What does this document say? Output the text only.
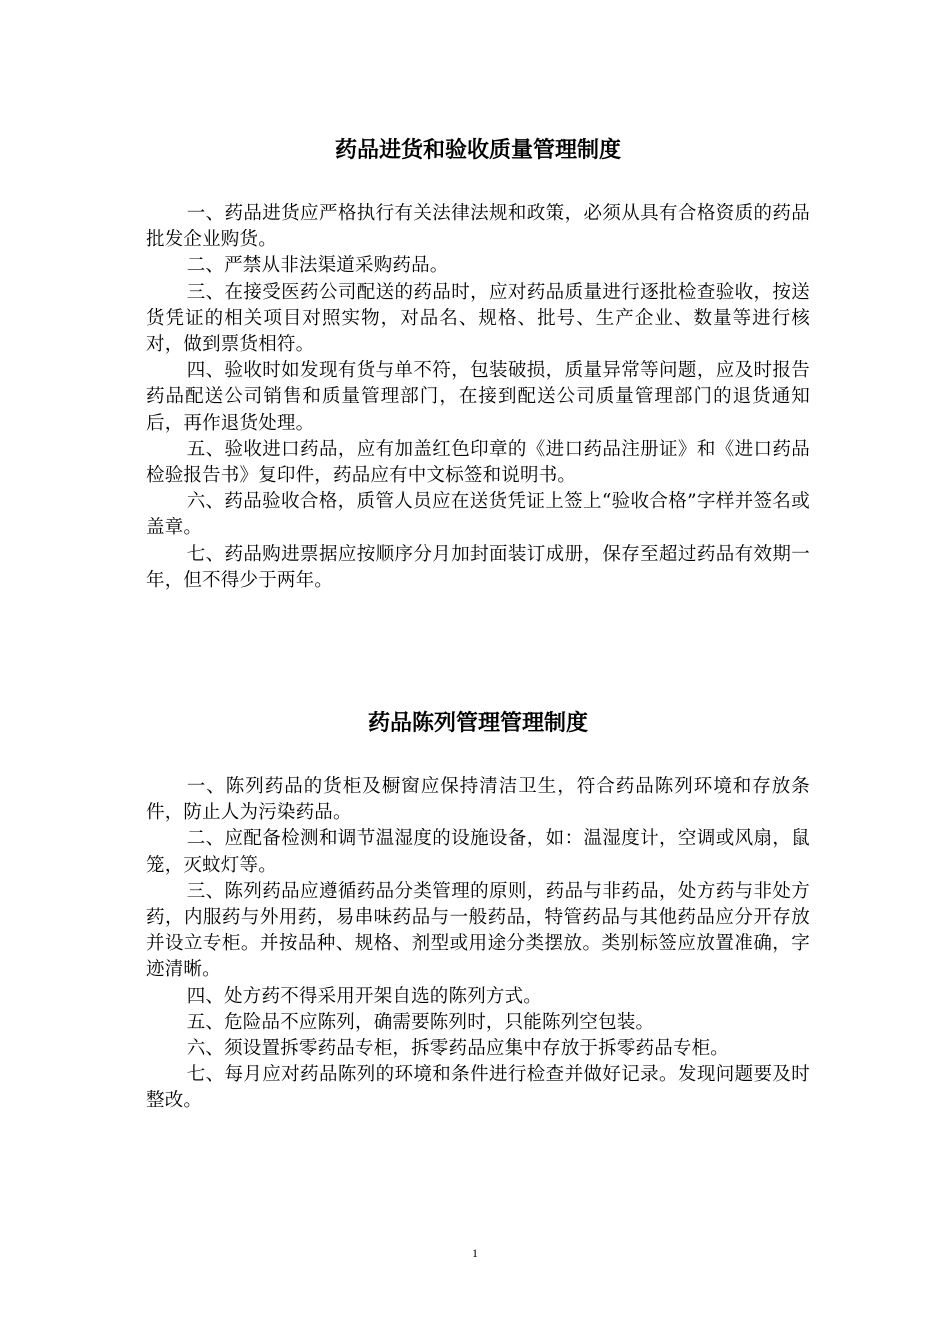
药品进货和验收质量管理制度

一、药品进货应严格执行有关法律法规和政策，必须从具有合格资质的药品批发企业购货。

二、严禁从非法渠道采购药品。

三、在接受医药公司配送的药品时，应对药品质量进行逐批检查验收，按送货凭证的相关项目对照实物，对品名、规格、批号、生产企业、数量等进行核对，做到票货相符。

四、验收时如发现有货与单不符，包装破损，质量异常等问题，应及时报告药品配送公司销售和质量管理部门，在接到配送公司质量管理部门的退货通知后，再作退货处理。

五、验收进口药品，应有加盖红色印章的《进口药品注册证》和《进口药品检验报告书》复印件，药品应有中文标签和说明书。

六、药品验收合格，质管人员应在送货凭证上签上“验收合格”字样并签名或盖章。

七、药品购进票据应按顺序分月加封面装订成册，保存至超过药品有效期一年，但不得少于两年。

药品陈列管理管理制度

一、陈列药品的货柜及橱窗应保持清洁卫生，符合药品陈列环境和存放条件，防止人为污染药品。

二、应配备检测和调节温湿度的设施设备，如：温湿度计，空调或风扇，鼠笼，灭蚊灯等。

三、陈列药品应遵循药品分类管理的原则，药品与非药品，处方药与非处方药，内服药与外用药，易串味药品与一般药品，特管药品与其他药品应分开存放并设立专柜。并按品种、规格、剂型或用途分类摆放。类别标签应放置准确，字迹清晰。

四、处方药不得采用开架自选的陈列方式。

五、危险品不应陈列，确需要陈列时，只能陈列空包装。

六、须设置拆零药品专柜，拆零药品应集中存放于拆零药品专柜。

七、每月应对药品陈列的环境和条件进行检查并做好记录。发现问题要及时整改。

1
